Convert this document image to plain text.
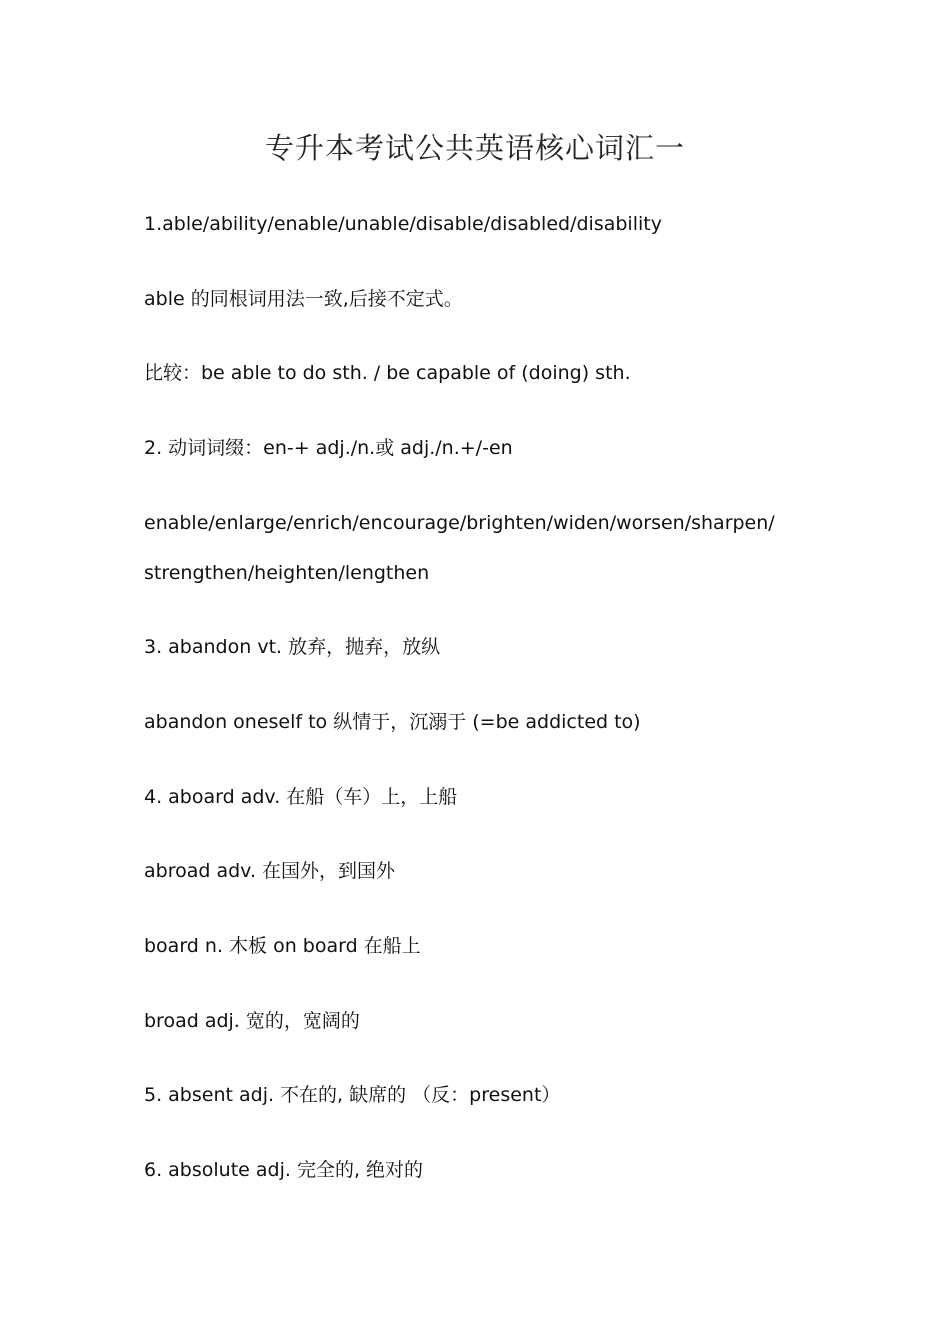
专升本考试公共英语核心词汇一
1.able/ability/enable/unable/disable/disabled/disability
able 的同根词用法一致,后接不定式。
比较：be able to do sth. / be capable of (doing) sth.
2. 动词词缀：en-+ adj./n.或 adj./n.+/-en
enable/enlarge/enrich/encourage/brighten/widen/worsen/sharpen/
strengthen/heighten/lengthen
3. abandon vt. 放弃，抛弃，放纵
abandon oneself to 纵情于，沉溺于 (=be addicted to)
4. aboard adv. 在船（车）上，上船
abroad adv. 在国外，到国外
board n. 木板 on board 在船上
broad adj. 宽的，宽阔的
5. absent adj. 不在的, 缺席的 （反：present）
6. absolute adj. 完全的, 绝对的
